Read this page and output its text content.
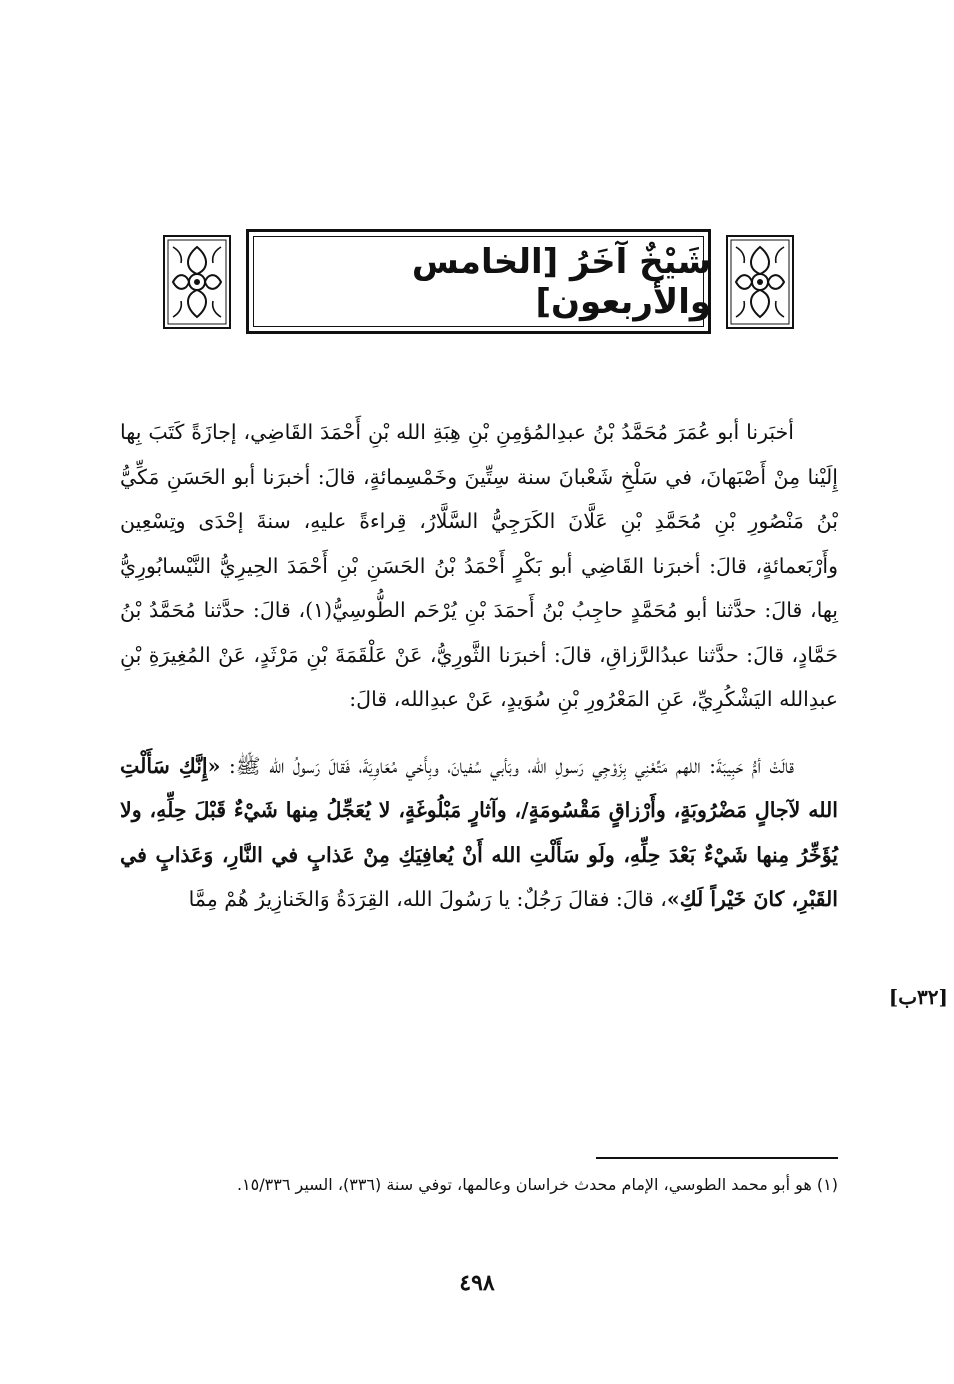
شَيْخٌ آخَرُ [الخامس والأربعون]

أخبَرنا أبو عُمَرَ مُحَمَّدُ بْنُ عبدِالمُؤمِنِ بْنِ هِبَةِ الله بْنِ أَحْمَدَ القَاضِي، إجازَةً كَتَبَ بِها إِلَيْنا مِنْ أَصْبَهانَ، في سَلْخِ شَعْبانَ سنة سِتِّينَ وخَمْسِمائةٍ، قالَ: أخبرَنا أبو الحَسَنِ مَكِّيُّ بْنُ مَنْصُورِ بْنِ مُحَمَّدِ بْنِ عَلَّانَ الكَرَجِيُّ السَّلَّارُ، قِراءةً عليهِ، سنةَ إحْدَى وتِسْعِين وأَرْبَعمائةٍ، قالَ: أخبرَنا القَاضِي أبو بَكْرٍ أَحْمَدُ بْنُ الحَسَنِ بْنِ أَحْمَدَ الحِيرِيُّ النَّيْسابُورِيُّ بِها، قالَ: حدَّثنا أبو مُحَمَّدٍ حاجِبُ بْنُ أَحمَدَ بْنِ يُرْحَم الطُّوسِيُّ(١)، قالَ: حدَّثنا مُحَمَّدُ بْنُ حَمَّادٍ، قالَ: حدَّثنا عبدُالرَّزاقِ، قالَ: أخبرَنا الثَّورِيُّ، عَنْ عَلْقَمَةَ بْنِ مَرْثَدٍ، عَنْ المُغِيرَةِ بْنِ عبدِالله اليَشْكُرِيِّ، عَنِ المَعْرُورِ بْنِ سُوَيدٍ، عَنْ عبدِالله، قالَ:

قالَتْ أمُّ حَبِيبَةَ: اللهم مَتِّعْنِي بِزَوْجِي رَسولِ الله، وبَأبي سُفيانَ، وبِأَخي مُعَاوِيَةَ، فَقالَ رَسولُ الله ﷺ: «إِنَّكِ سَأَلْتِ الله لآجالٍ مَضْرُوبَةٍ، وأَرْزاقٍ مَقْسُومَةٍ/، وآثارٍ مَبْلُوغَةٍ، لا يُعَجِّلُ مِنها شَيْءٌ قَبْلَ حِلِّهِ، ولا يُؤَخِّرُ مِنها شَيْءٌ بَعْدَ حِلِّهِ، ولَو سَأَلْتِ الله أَنْ يُعافِيَكِ مِنْ عَذابٍ في النَّارِ، وَعَذابٍ في القَبْرِ، كانَ خَيْراً لَكِ»، قالَ: فقالَ رَجُلٌ: يا رَسُولَ الله، القِرَدَةُ وَالخَنازِيرُ هُمْ مِمَّا

[٣٢ب]
(١) هو أبو محمد الطوسي، الإمام محدث خراسان وعالمها، توفي سنة (٣٣٦)، السير ١٥/٣٣٦.
٤٩٨
